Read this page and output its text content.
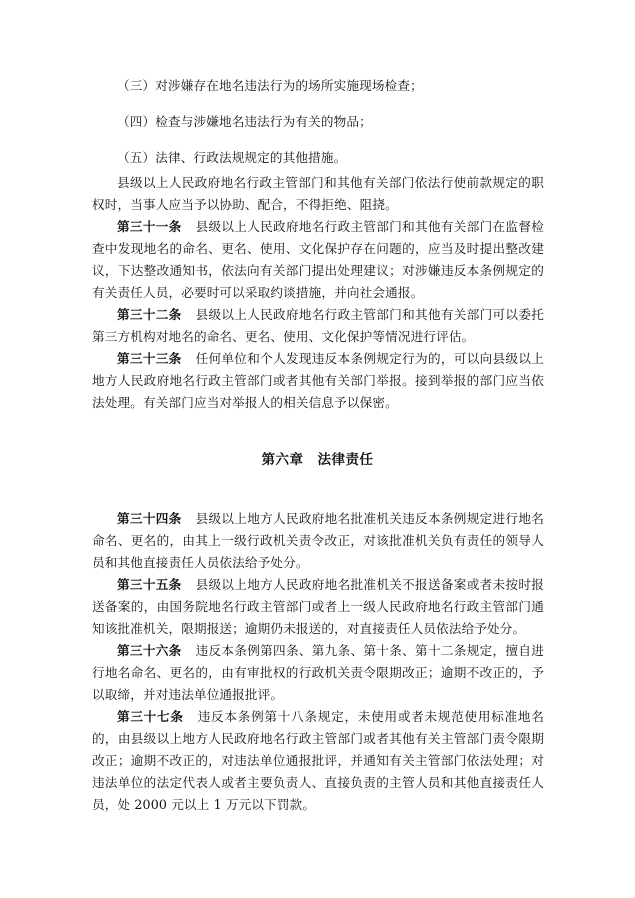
（三）对涉嫌存在地名违法行为的场所实施现场检查；

（四）检查与涉嫌地名违法行为有关的物品；

（五）法律、行政法规规定的其他措施。

县级以上人民政府地名行政主管部门和其他有关部门依法行使前款规定的职权时，当事人应当予以协助、配合，不得拒绝、阻挠。

第三十一条 县级以上人民政府地名行政主管部门和其他有关部门在监督检查中发现地名的命名、更名、使用、文化保护存在问题的，应当及时提出整改建议，下达整改通知书，依法向有关部门提出处理建议；对涉嫌违反本条例规定的有关责任人员，必要时可以采取约谈措施，并向社会通报。

第三十二条 县级以上人民政府地名行政主管部门和其他有关部门可以委托第三方机构对地名的命名、更名、使用、文化保护等情况进行评估。

第三十三条 任何单位和个人发现违反本条例规定行为的，可以向县级以上地方人民政府地名行政主管部门或者其他有关部门举报。接到举报的部门应当依法处理。有关部门应当对举报人的相关信息予以保密。

第六章 法律责任

第三十四条 县级以上地方人民政府地名批准机关违反本条例规定进行地名命名、更名的，由其上一级行政机关责令改正，对该批准机关负有责任的领导人员和其他直接责任人员依法给予处分。

第三十五条 县级以上地方人民政府地名批准机关不报送备案或者未按时报送备案的，由国务院地名行政主管部门或者上一级人民政府地名行政主管部门通知该批准机关，限期报送；逾期仍未报送的，对直接责任人员依法给予处分。

第三十六条 违反本条例第四条、第九条、第十条、第十二条规定，擅自进行地名命名、更名的，由有审批权的行政机关责令限期改正；逾期不改正的，予以取缔，并对违法单位通报批评。

第三十七条 违反本条例第十八条规定，未使用或者未规范使用标准地名的，由县级以上地方人民政府地名行政主管部门或者其他有关主管部门责令限期改正；逾期不改正的，对违法单位通报批评，并通知有关主管部门依法处理；对违法单位的法定代表人或者主要负责人、直接负责的主管人员和其他直接责任人员，处 2000 元以上 1 万元以下罚款。
